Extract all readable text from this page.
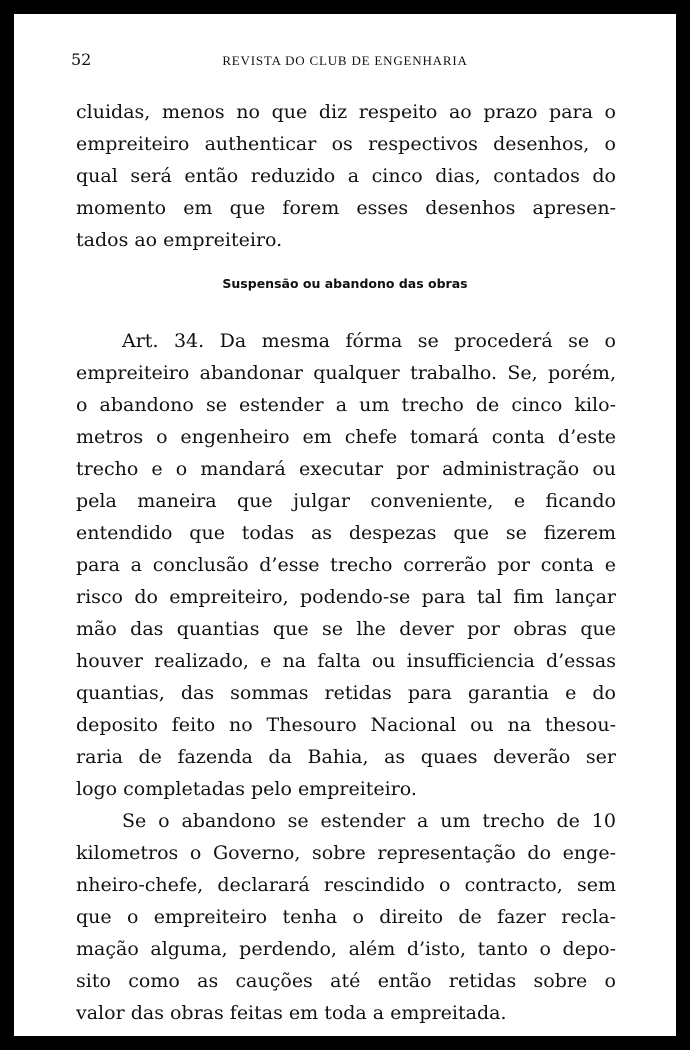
52	REVISTA DO CLUB DE ENGENHARIA
cluidas, menos no que diz respeito ao prazo para o
empreiteiro authenticar os respectivos desenhos, o
qual será então reduzido a cinco dias, contados do
momento em que forem esses desenhos apresen-
tados ao empreiteiro.
Suspensão ou abandono das obras
Art. 34. Da mesma fórma se procederá se o
empreiteiro abandonar qualquer trabalho. Se, porém,
o abandono se estender a um trecho de cinco kilo-
metros o engenheiro em chefe tomará conta d’este
trecho e o mandará executar por administração ou
pela maneira que julgar conveniente, e ficando
entendido que todas as despezas que se fizerem
para a conclusão d’esse trecho correrão por conta e
risco do empreiteiro, podendo-se para tal fim lançar
mão das quantias que se lhe dever por obras que
houver realizado, e na falta ou insufficiencia d’essas
quantias, das sommas retidas para garantia e do
deposito feito no Thesouro Nacional ou na thesou-
raria de fazenda da Bahia, as quaes deverão ser
logo completadas pelo empreiteiro.
Se o abandono se estender a um trecho de 10
kilometros o Governo, sobre representação do enge-
nheiro-chefe, declarará rescindido o contracto, sem
que o empreiteiro tenha o direito de fazer recla-
mação alguma, perdendo, além d’isto, tanto o depo-
sito como as cauções até então retidas sobre o
valor das obras feitas em toda a empreitada.
